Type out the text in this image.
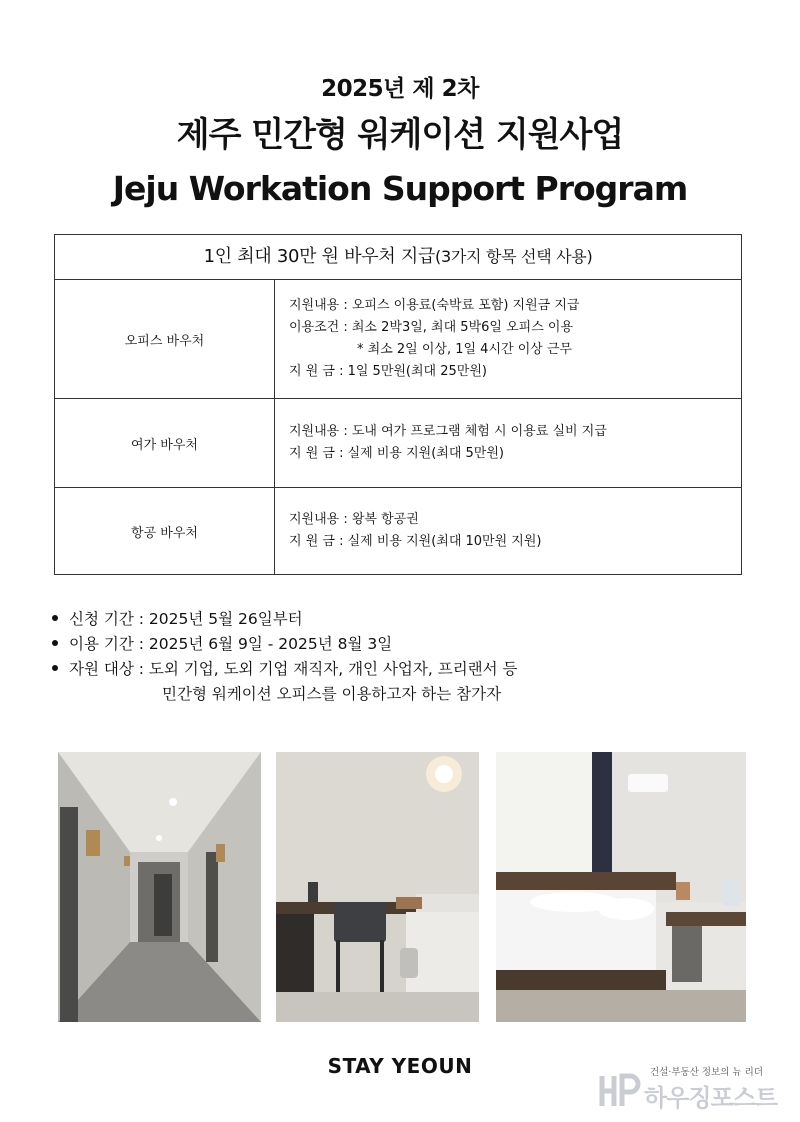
2025년 제 2차
제주 민간형 워케이션 지원사업
Jeju Workation Support Program
1인 최대 30만 원 바우처 지급(3가지 항목 선택 사용)
오피스 바우처
지원내용 : 오피스 이용료(숙박료 포함) 지원금 지급
이용조건 : 최소 2박3일, 최대 5박6일 오피스 이용
* 최소 2일 이상, 1일 4시간 이상 근무
지 원 금 : 1일 5만원(최대 25만원)
여가 바우처
지원내용 : 도내 여가 프로그램 체험 시 이용료 실비 지급
지 원 금 : 실제 비용 지원(최대 5만원)
항공 바우처
지원내용 : 왕복 항공권
지 원 금 : 실제 비용 지원(최대 10만원 지원)
신청 기간 : 2025년 5월 26일부터
이용 기간 : 2025년 6월 9일 - 2025년 8월 3일
자원 대상 : 도외 기업, 도외 기업 재직자, 개인 사업자, 프리랜서 등
민간형 워케이션 오피스를 이용하고자 하는 참가자
STAY YEOUN	건설·부동산 정보의 뉴 리더
하우징포스트
